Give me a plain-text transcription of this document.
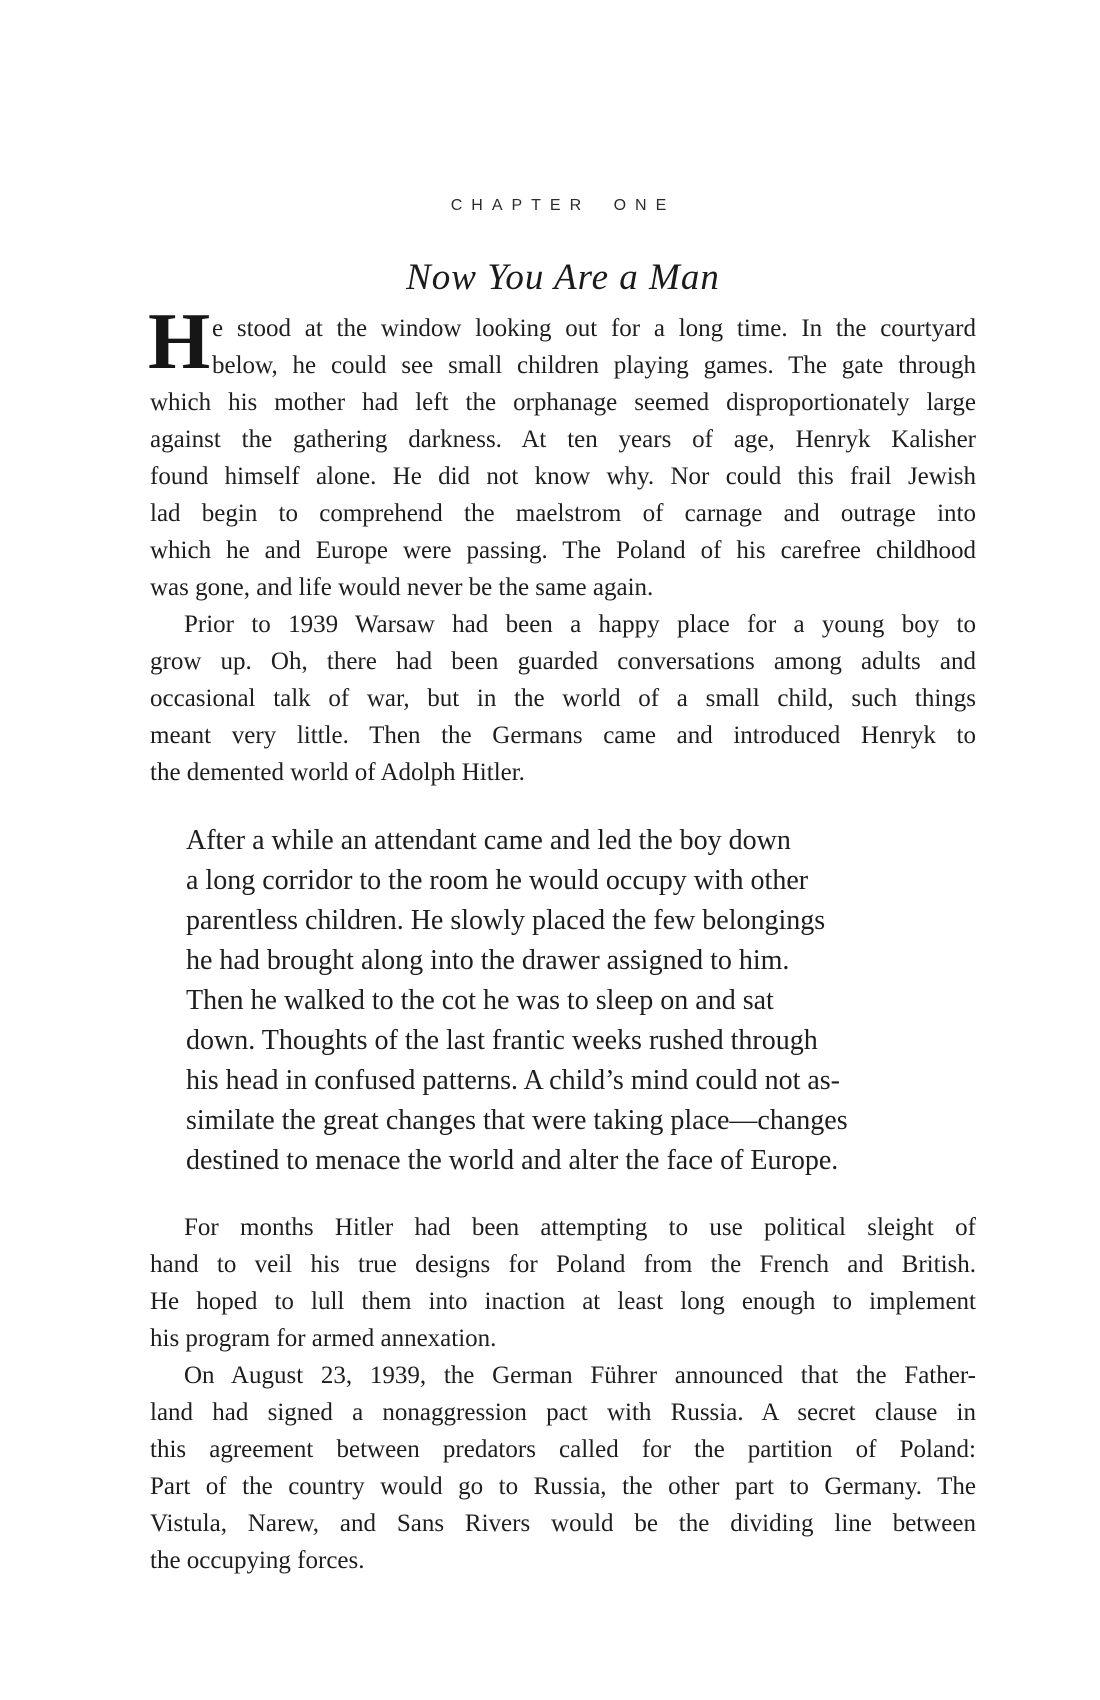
CHAPTER ONE
Now You Are a Man
H e stood at the window looking out for a long time. In the courtyard
below, he could see small children playing games. The gate through
which his mother had left the orphanage seemed disproportionately large
against the gathering darkness. At ten years of age, Henryk Kalisher
found himself alone. He did not know why. Nor could this frail Jewish
lad begin to comprehend the maelstrom of carnage and outrage into
which he and Europe were passing. The Poland of his carefree childhood
was gone, and life would never be the same again.
Prior to 1939 Warsaw had been a happy place for a young boy to
grow up. Oh, there had been guarded conversations among adults and
occasional talk of war, but in the world of a small child, such things
meant very little. Then the Germans came and introduced Henryk to
the demented world of Adolph Hitler.
After a while an attendant came and led the boy down
a long corridor to the room he would occupy with other
parentless children. He slowly placed the few belongings
he had brought along into the drawer assigned to him.
Then he walked to the cot he was to sleep on and sat
down. Thoughts of the last frantic weeks rushed through
his head in confused patterns. A child’s mind could not as-
similate the great changes that were taking place—changes
destined to menace the world and alter the face of Europe.
For months Hitler had been attempting to use political sleight of
hand to veil his true designs for Poland from the French and British.
He hoped to lull them into inaction at least long enough to implement
his program for armed annexation.
On August 23, 1939, the German Führer announced that the Father-
land had signed a nonaggression pact with Russia. A secret clause in
this agreement between predators called for the partition of Poland:
Part of the country would go to Russia, the other part to Germany. The
Vistula, Narew, and Sans Rivers would be the dividing line between
the occupying forces.
